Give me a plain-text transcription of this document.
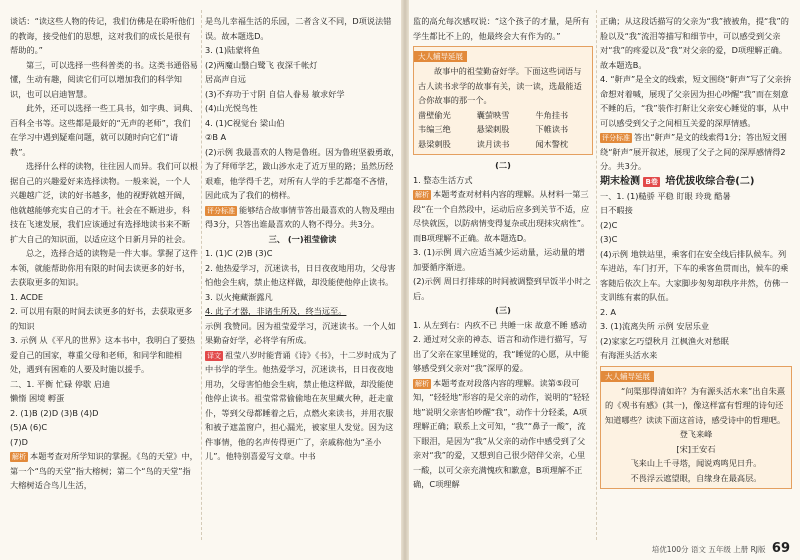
谈话：“读这些人物的传记，我们仿佛是在聆听他们的教诲，接受他们的思想，这对我们的成长是很有帮助的。”

第三，可以选择一些科普类的书。这类书通俗易懂，生动有趣，阅读它们可以增加我们的科学知识，也可以启迪智慧。

此外，还可以选择一些工具书，如字典、词典、百科全书等。这些都是最好的“无声的老师”，我们在学习中遇到疑难问题，就可以随时向它们“请教”。

选择什么样的读物，往往因人而异。我们可以根据自己的兴趣爱好来选择读物。一般来说，一个人兴趣越广泛，读的好书越多，他的视野就越开阔，他就越能够充实自己的才干。社会在不断进步，科技在飞速发展，我们应该通过有选择地读书来不断扩大自己的知识面，以适应这个日新月异的社会。

总之，选择合适的读物是一件大事。掌握了这件本领，就能帮助你用有限的时间去读更多的好书，去获取更多的知识。

1. ACDE

2. 可以用有限的时间去读更多的好书，去获取更多的知识

3. 示例 从《平凡的世界》这本书中，我明白了要热爱自己的国家，尊重父母和老师，和同学和睦相处，遇到有困难的人要及时施以援手。

二、1. 平衡 忙碌 停歇 启迪

懒惰 困境 孵蛋

2. (1)B (2)D (3)B (4)D

(5)A (6)C

(7)D

解析 本题考查对所学知识的掌握。《鸟的天堂》中，第一个“鸟的天堂”指大榕树；第二个“鸟的天堂”指大榕树适合鸟儿生活，

是鸟儿幸福生活的乐园，二者含义不同，D项说法错误。故本题选D。

3. (1)陆蒙将鱼

(2)两魔山翳白鹭飞 夜深千帐灯

居高声自远

(3)不弃功于寸阴 自信人眷易 敏求好学

(4)山光悦鸟性

4. (1)C视觉台 梁山伯

②B A

(2)示例 我最喜欢的人物是鲁班。因为鲁班坚毅勇敢，为了拜师学艺，跋山涉水走了近万里的路；虽然历经艰难，他学得千艺，对所有人学的手艺都毫不吝惜，因此成为了我们的榜样。

评分标准 能够结合故事情节答出最喜欢的人物及理由得3分，只答出谁最喜欢的人物不得分。共3分。

三、 (一)祖莹偷读

1. (1)C (2)B (3)C

2. 他热爱学习，沉迷读书，日日夜夜地用功，父母害怕他会生病，禁止他这样做，却没能使他停止读书。

3. 以火掩藏渐露凡

4. 此子才器，非诸生所及，终当远至。

示例 我赞同。因为祖莹爱学习，沉迷读书。一个人如果勤奋好学，必将学有所成。

译文 祖莹八岁时能背诵《诗》《书》，十二岁时成为了中书学的学生。他热爱学习，沉迷读书，日日夜夜地用功，父母害怕他会生病，禁止他这样做，却没能使他停止读书。祖莹常常偷偷地在灰里藏火种，赶走童仆，等到父母都睡着之后，点燃火来读书，并用衣服和被子遮盖窗户，担心漏光，被家里人发觉。因为这件事情，他的名声传得更广了，亲戚称他为“圣小儿”。他特别喜爱写文章。中书

监的高允每次感叹说：“这个孩子的才量，是所有学生都比不上的，他最终会大有作为的。”

大人辅导延展

故事中的祖莹勤奋好学。下面这些词语与古人读书求学的故事有关，读一读，选最能适合你故事的那一个。

凿壁偷光	囊萤映雪	牛角挂书
韦编三绝	悬梁刺股	下帷读书
悬梁刺股	读月读书	闻木警枕

(二)

1. 整态生活方式

解析 本题考查对材料内容的理解。从材料一第三段“在一个自然段中，运动后应多到关节不适，应尽快就医，以防病情变得复杂或出现抹灾病性”。而B项理解不正确。故本题选D。

3. (1)示例 周六应适当减少运动量，运动量的增加要循序渐进。

(2)示例 周日打排球的时间被调整到早饭半小时之后。

(三)

1. 从左到右：内疚不已 共睡一床 故意不睡 感动

2. 通过对父亲的神态、语言和动作进行描写，写出了父亲在家里睡觉的，我“睡觉的心愿，从中能够感受到父亲对“我”深厚的爱。

解析 本题考查对段落内容的理解。读第⑤段可知，“轻轻地”形容的是父亲的动作，说明的“轻轻地”说明父亲害怕吵醒“我”，动作十分轻柔，A项理解正确；联系上文可知，“我”“鼻子一酸”，流下眼泪，是因为“我”从父亲的动作中感受到了父亲对“我”的爱，又想到自己很少陪伴父亲，心里一酸，以可父亲充满愧疚和歉意，B项理解不正确，C项理解

正确；从这段话描写的父亲为“我”掖被角，提“我”的脸以及“我”流泪等描写和细节中，可以感受到父亲对“我”的疼爱以及“我”对父亲的爱，D项理解正确。故本题选B。

4. “鼾声”是全文的线索，短文围绕“鼾声”写了父亲拚命想对着喊，展现了父亲因为担心吵醒“我”而在刻意不睡的后，“我”装作打鼾让父亲安心睡觉的事，从中可以感受到父子之间相互关爱的深厚情感。

评分标准 答出“鼾声”是文的线索得1分；答出短文围绕“鼾声”展开叙述，展现了父子之间的深厚感情得2分。共3分。

期末检测 B卷 培优拔收综合卷(二)

一、1. (1)糙骄 平稳 盯眼 玲珑 酷暑

日不暇接

(2)C

(3)C

(4)示例 地铁站里，乘客们在安全线后排队候车。列车进站，车门打开，下车的乘客鱼贯而出，候车的乘客随后依次上车。大家脚步匆匆却秩序井然，仿佛一支训练有素的队伍。

2. A

3. (1)流离失所 示例 安居乐业

(2)家家乞巧望秋月 江枫渔火对愁眠

有海涯头活水来

大人辅导延展

“问渠那得清如许？为有源头活水来”出自朱熹的《观书有感》(其一)，像这样富有哲理的诗句还知道哪些？读读下面这首诗，感受诗中的哲理吧。

登飞来峰

[宋]王安石

飞来山上千寻塔，闻说鸡鸣见日升。

不畏浮云遮望眼，自缘身在最高层。

培优100分 语文 五年级 上册 RJ版 69
